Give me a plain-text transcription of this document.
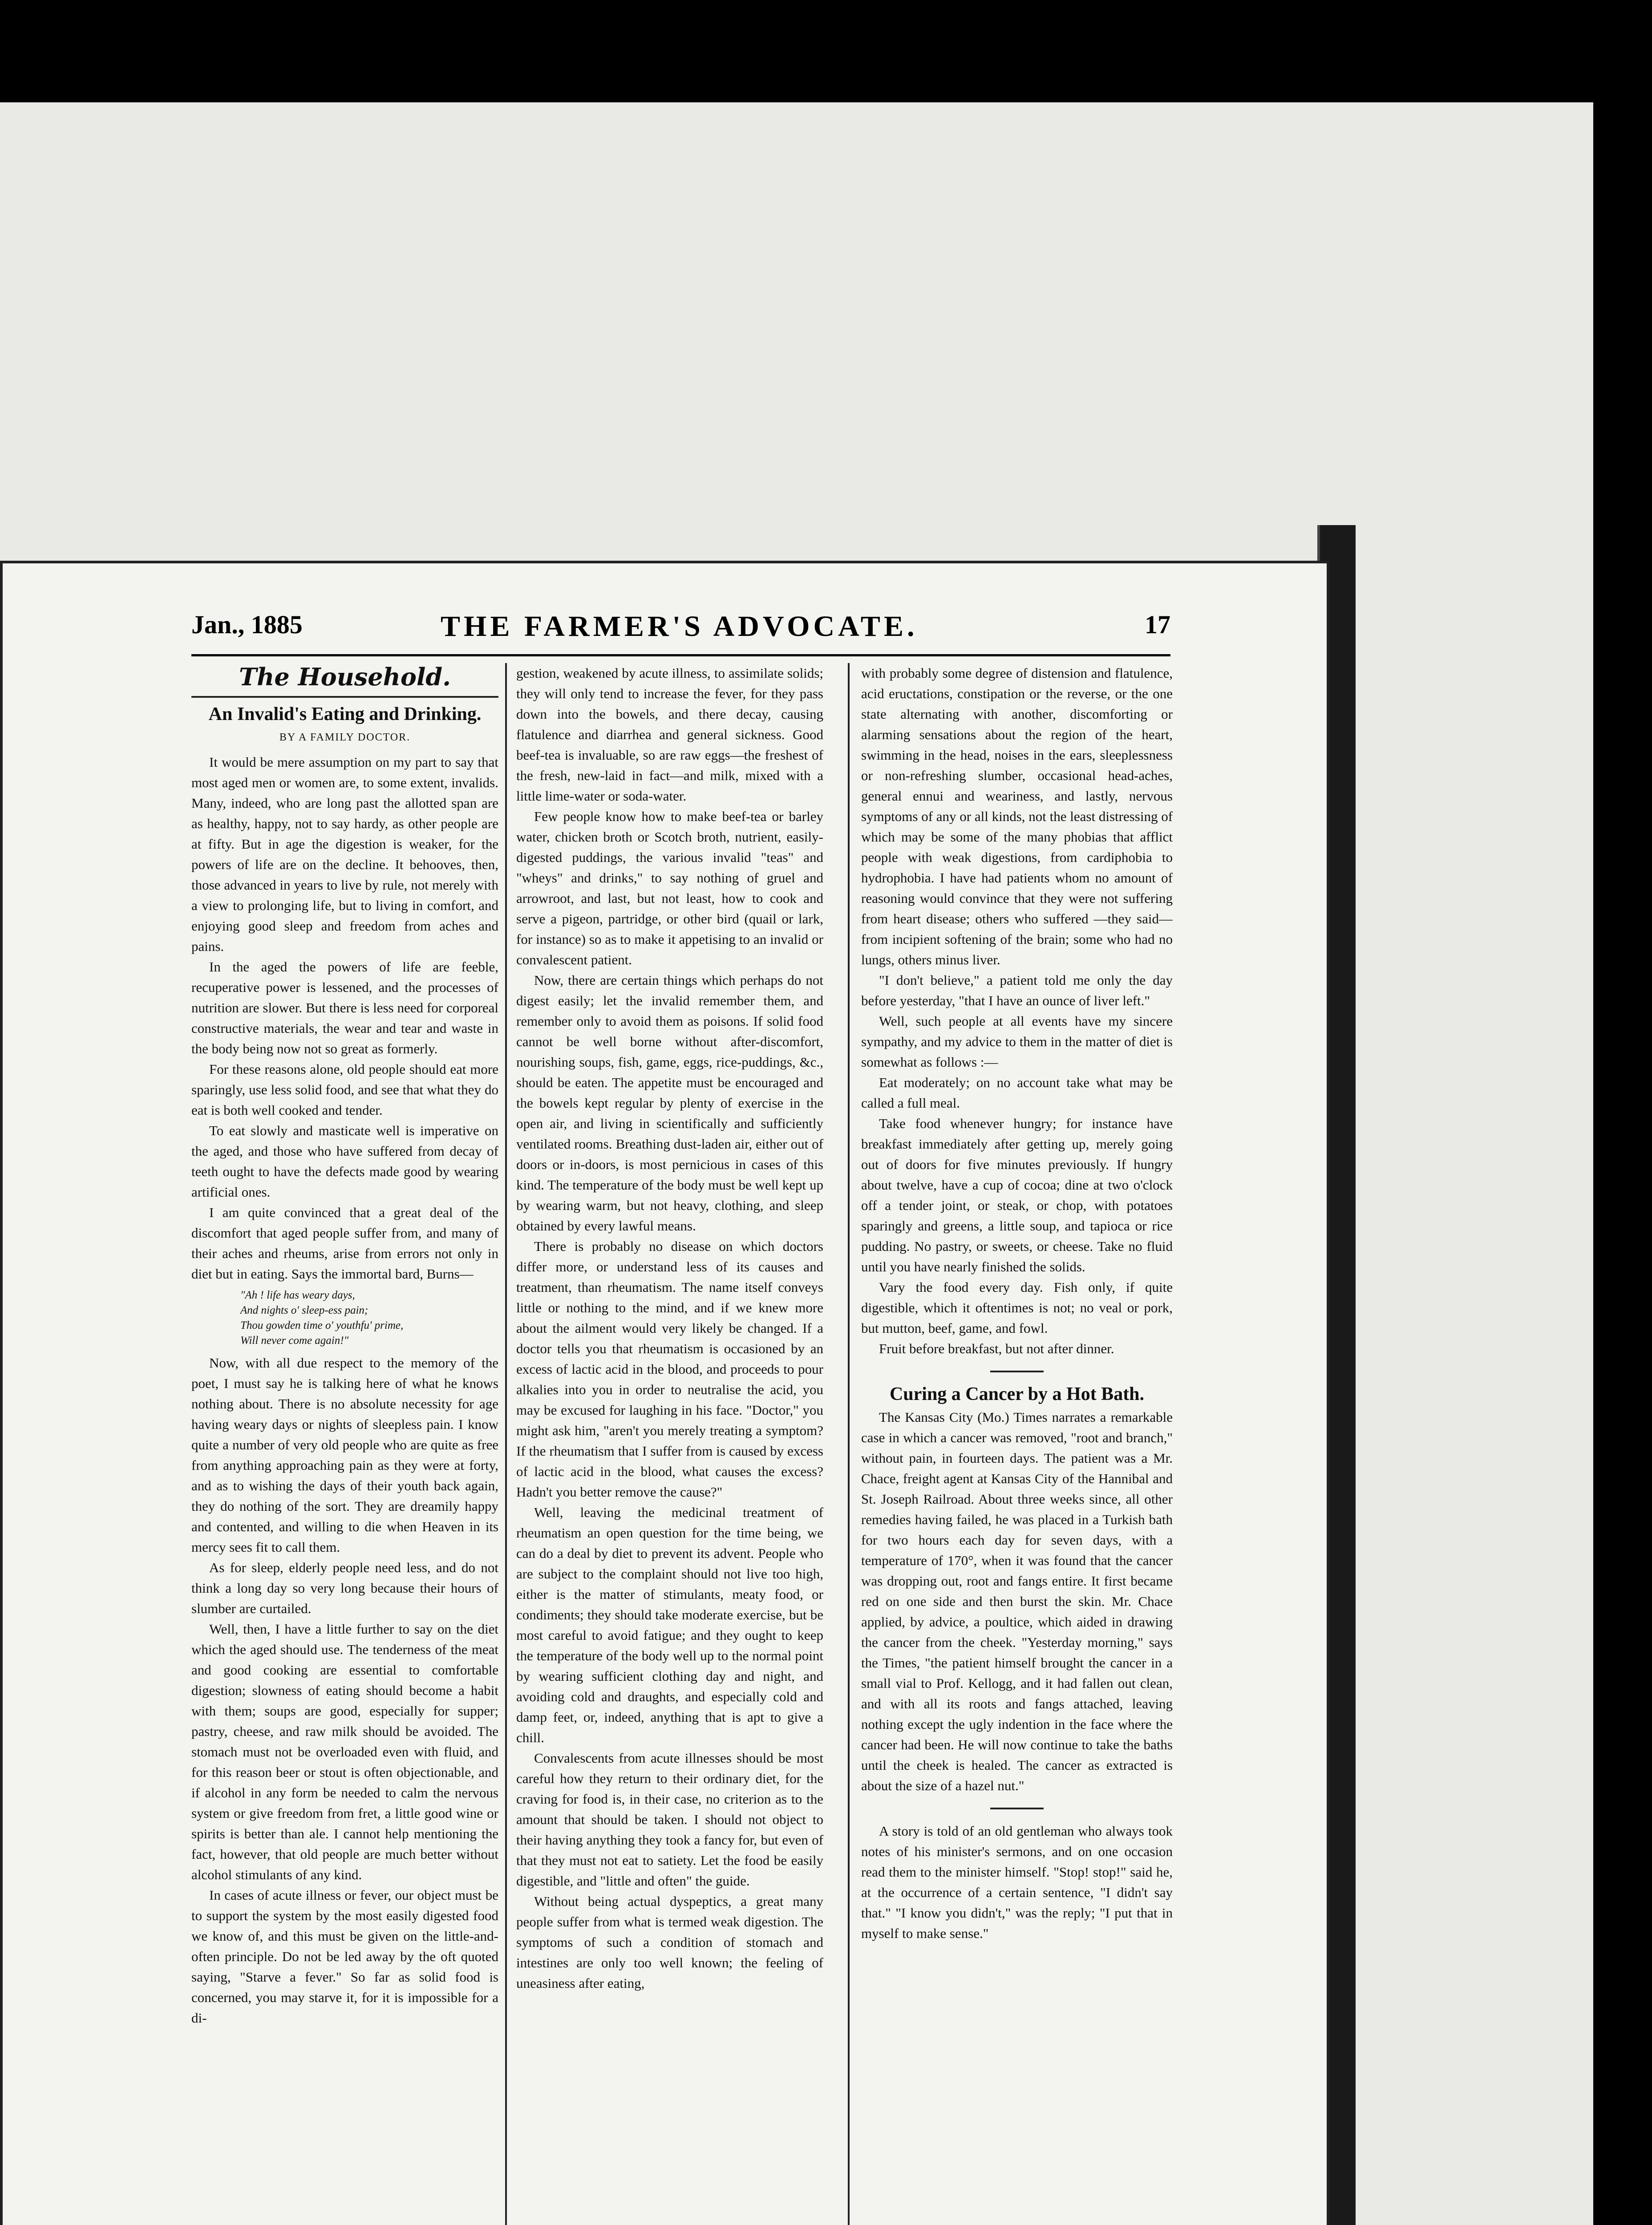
Jan., 1885	THE FARMER'S ADVOCATE.	17
The Household.
An Invalid's Eating and Drinking.
BY A FAMILY DOCTOR.

It would be mere assumption on my part to say that most aged men or women are, to some extent, invalids. Many, indeed, who are long past the allotted span are as healthy, happy, not to say hardy, as other people are at fifty. But in age the digestion is weaker, for the powers of life are on the decline. It behooves, then, those advanced in years to live by rule, not merely with a view to prolonging life, but to living in comfort, and enjoying good sleep and freedom from aches and pains.

In the aged the powers of life are feeble, recuperative power is lessened, and the processes of nutrition are slower. But there is less need for corporeal constructive materials, the wear and tear and waste in the body being now not so great as formerly.

For these reasons alone, old people should eat more sparingly, use less solid food, and see that what they do eat is both well cooked and tender.

To eat slowly and masticate well is imperative on the aged, and those who have suffered from decay of teeth ought to have the defects made good by wearing artificial ones.

I am quite convinced that a great deal of the discomfort that aged people suffer from, and many of their aches and rheums, arise from errors not only in diet but in eating. Says the immortal bard, Burns—

"Ah ! life has weary days,
And nights o' sleep-ess pain;
Thou gowden time o' youthfu' prime,
Will never come again!"

Now, with all due respect to the memory of the poet, I must say he is talking here of what he knows nothing about. There is no absolute necessity for age having weary days or nights of sleepless pain. I know quite a number of very old people who are quite as free from anything approaching pain as they were at forty, and as to wishing the days of their youth back again, they do nothing of the sort. They are dreamily happy and contented, and willing to die when Heaven in its mercy sees fit to call them.

As for sleep, elderly people need less, and do not think a long day so very long because their hours of slumber are curtailed.

Well, then, I have a little further to say on the diet which the aged should use. The tenderness of the meat and good cooking are essential to comfortable digestion; slowness of eating should become a habit with them; soups are good, especially for supper; pastry, cheese, and raw milk should be avoided. The stomach must not be overloaded even with fluid, and for this reason beer or stout is often objectionable, and if alcohol in any form be needed to calm the nervous system or give freedom from fret, a little good wine or spirits is better than ale. I cannot help mentioning the fact, however, that old people are much better without alcohol stimulants of any kind.

In cases of acute illness or fever, our object must be to support the system by the most easily digested food we know of, and this must be given on the little-and-often principle. Do not be led away by the oft quoted saying, "Starve a fever." So far as solid food is concerned, you may starve it, for it is impossible for a di-

gestion, weakened by acute illness, to assimilate solids; they will only tend to increase the fever, for they pass down into the bowels, and there decay, causing flatulence and diarrhea and general sickness. Good beef-tea is invaluable, so are raw eggs—the freshest of the fresh, new-laid in fact—and milk, mixed with a little lime-water or soda-water.

Few people know how to make beef-tea or barley water, chicken broth or Scotch broth, nutrient, easily-digested puddings, the various invalid "teas" and "wheys" and drinks," to say nothing of gruel and arrowroot, and last, but not least, how to cook and serve a pigeon, partridge, or other bird (quail or lark, for instance) so as to make it appetising to an invalid or convalescent patient.

Now, there are certain things which perhaps do not digest easily; let the invalid remember them, and remember only to avoid them as poisons. If solid food cannot be well borne without after-discomfort, nourishing soups, fish, game, eggs, rice-puddings, &c., should be eaten. The appetite must be encouraged and the bowels kept regular by plenty of exercise in the open air, and living in scientifically and sufficiently ventilated rooms. Breathing dust-laden air, either out of doors or in-doors, is most pernicious in cases of this kind. The temperature of the body must be well kept up by wearing warm, but not heavy, clothing, and sleep obtained by every lawful means.

There is probably no disease on which doctors differ more, or understand less of its causes and treatment, than rheumatism. The name itself conveys little or nothing to the mind, and if we knew more about the ailment would very likely be changed. If a doctor tells you that rheumatism is occasioned by an excess of lactic acid in the blood, and proceeds to pour alkalies into you in order to neutralise the acid, you may be excused for laughing in his face. "Doctor," you might ask him, "aren't you merely treating a symptom? If the rheumatism that I suffer from is caused by excess of lactic acid in the blood, what causes the excess? Hadn't you better remove the cause?"

Well, leaving the medicinal treatment of rheumatism an open question for the time being, we can do a deal by diet to prevent its advent. People who are subject to the complaint should not live too high, either is the matter of stimulants, meaty food, or condiments; they should take moderate exercise, but be most careful to avoid fatigue; and they ought to keep the temperature of the body well up to the normal point by wearing sufficient clothing day and night, and avoiding cold and draughts, and especially cold and damp feet, or, indeed, anything that is apt to give a chill.

Convalescents from acute illnesses should be most careful how they return to their ordinary diet, for the craving for food is, in their case, no criterion as to the amount that should be taken. I should not object to their having anything they took a fancy for, but even of that they must not eat to satiety. Let the food be easily digestible, and "little and often" the guide.

Without being actual dyspeptics, a great many people suffer from what is termed weak digestion. The symptoms of such a condition of stomach and intestines are only too well known; the feeling of uneasiness after eating,

with probably some degree of distension and flatulence, acid eructations, constipation or the reverse, or the one state alternating with another, discomforting or alarming sensations about the region of the heart, swimming in the head, noises in the ears, sleeplessness or non-refreshing slumber, occasional head-aches, general ennui and weariness, and lastly, nervous symptoms of any or all kinds, not the least distressing of which may be some of the many phobias that afflict people with weak digestions, from cardiphobia to hydrophobia. I have had patients whom no amount of reasoning would convince that they were not suffering from heart disease; others who suffered —they said—from incipient softening of the brain; some who had no lungs, others minus liver.

"I don't believe," a patient told me only the day before yesterday, "that I have an ounce of liver left."

Well, such people at all events have my sincere sympathy, and my advice to them in the matter of diet is somewhat as follows :—

Eat moderately; on no account take what may be called a full meal.

Take food whenever hungry; for instance have breakfast immediately after getting up, merely going out of doors for five minutes previously. If hungry about twelve, have a cup of cocoa; dine at two o'clock off a tender joint, or steak, or chop, with potatoes sparingly and greens, a little soup, and tapioca or rice pudding. No pastry, or sweets, or cheese. Take no fluid until you have nearly finished the solids.

Vary the food every day. Fish only, if quite digestible, which it oftentimes is not; no veal or pork, but mutton, beef, game, and fowl.

Fruit before breakfast, but not after dinner.

Curing a Cancer by a Hot Bath.

The Kansas City (Mo.) Times narrates a remarkable case in which a cancer was removed, "root and branch," without pain, in fourteen days. The patient was a Mr. Chace, freight agent at Kansas City of the Hannibal and St. Joseph Railroad. About three weeks since, all other remedies having failed, he was placed in a Turkish bath for two hours each day for seven days, with a temperature of 170°, when it was found that the cancer was dropping out, root and fangs entire. It first became red on one side and then burst the skin. Mr. Chace applied, by advice, a poultice, which aided in drawing the cancer from the cheek. "Yesterday morning," says the Times, "the patient himself brought the cancer in a small vial to Prof. Kellogg, and it had fallen out clean, and with all its roots and fangs attached, leaving nothing except the ugly indention in the face where the cancer had been. He will now continue to take the baths until the cheek is healed. The cancer as extracted is about the size of a hazel nut."

A story is told of an old gentleman who always took notes of his minister's sermons, and on one occasion read them to the minister himself. "Stop! stop!" said he, at the occurrence of a certain sentence, "I didn't say that." "I know you didn't," was the reply; "I put that in myself to make sense."
